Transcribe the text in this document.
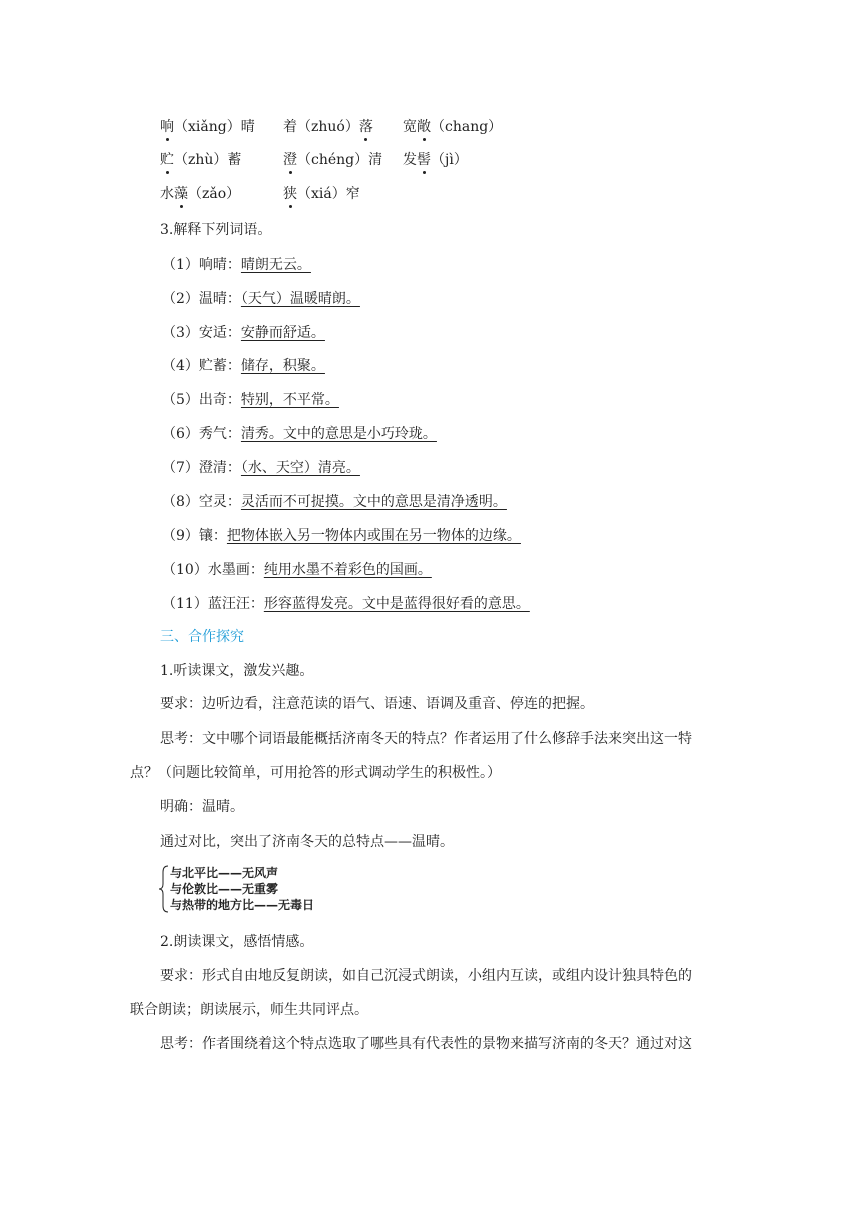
响（xiǎng）晴 着（zhuó）落 宽敞（chang）
贮（zhù）蓄	澄（chéng）清 发髻（jì）
水藻（zǎo）	狭（xiá）窄
3.解释下列词语。
（1）响晴：晴朗无云。
（2）温晴：（天气）温暖晴朗。
（3）安适：安静而舒适。
（4）贮蓄：储存，积聚。
（5）出奇：特别，不平常。
（6）秀气：清秀。文中的意思是小巧玲珑。
（7）澄清：（水、天空）清亮。
（8）空灵：灵活而不可捉摸。文中的意思是清净透明。
（9）镶：把物体嵌入另一物体内或围在另一物体的边缘。
（10）水墨画：纯用水墨不着彩色的国画。
（11）蓝汪汪：形容蓝得发亮。文中是蓝得很好看的意思。
三、合作探究
1.听读课文，激发兴趣。
要求：边听边看，注意范读的语气、语速、语调及重音、停连的把握。
思考：文中哪个词语最能概括济南冬天的特点？作者运用了什么修辞手法来突出这一特
点？（问题比较简单，可用抢答的形式调动学生的积极性。）
明确：温晴。
通过对比，突出了济南冬天的总特点——温晴。
与北平比——无风声
与伦敦比——无重雾
与热带的地方比——无毒日
2.朗读课文，感悟情感。
要求：形式自由地反复朗读，如自己沉浸式朗读，小组内互读，或组内设计独具特色的
联合朗读；朗读展示，师生共同评点。
思考：作者围绕着这个特点选取了哪些具有代表性的景物来描写济南的冬天？通过对这
